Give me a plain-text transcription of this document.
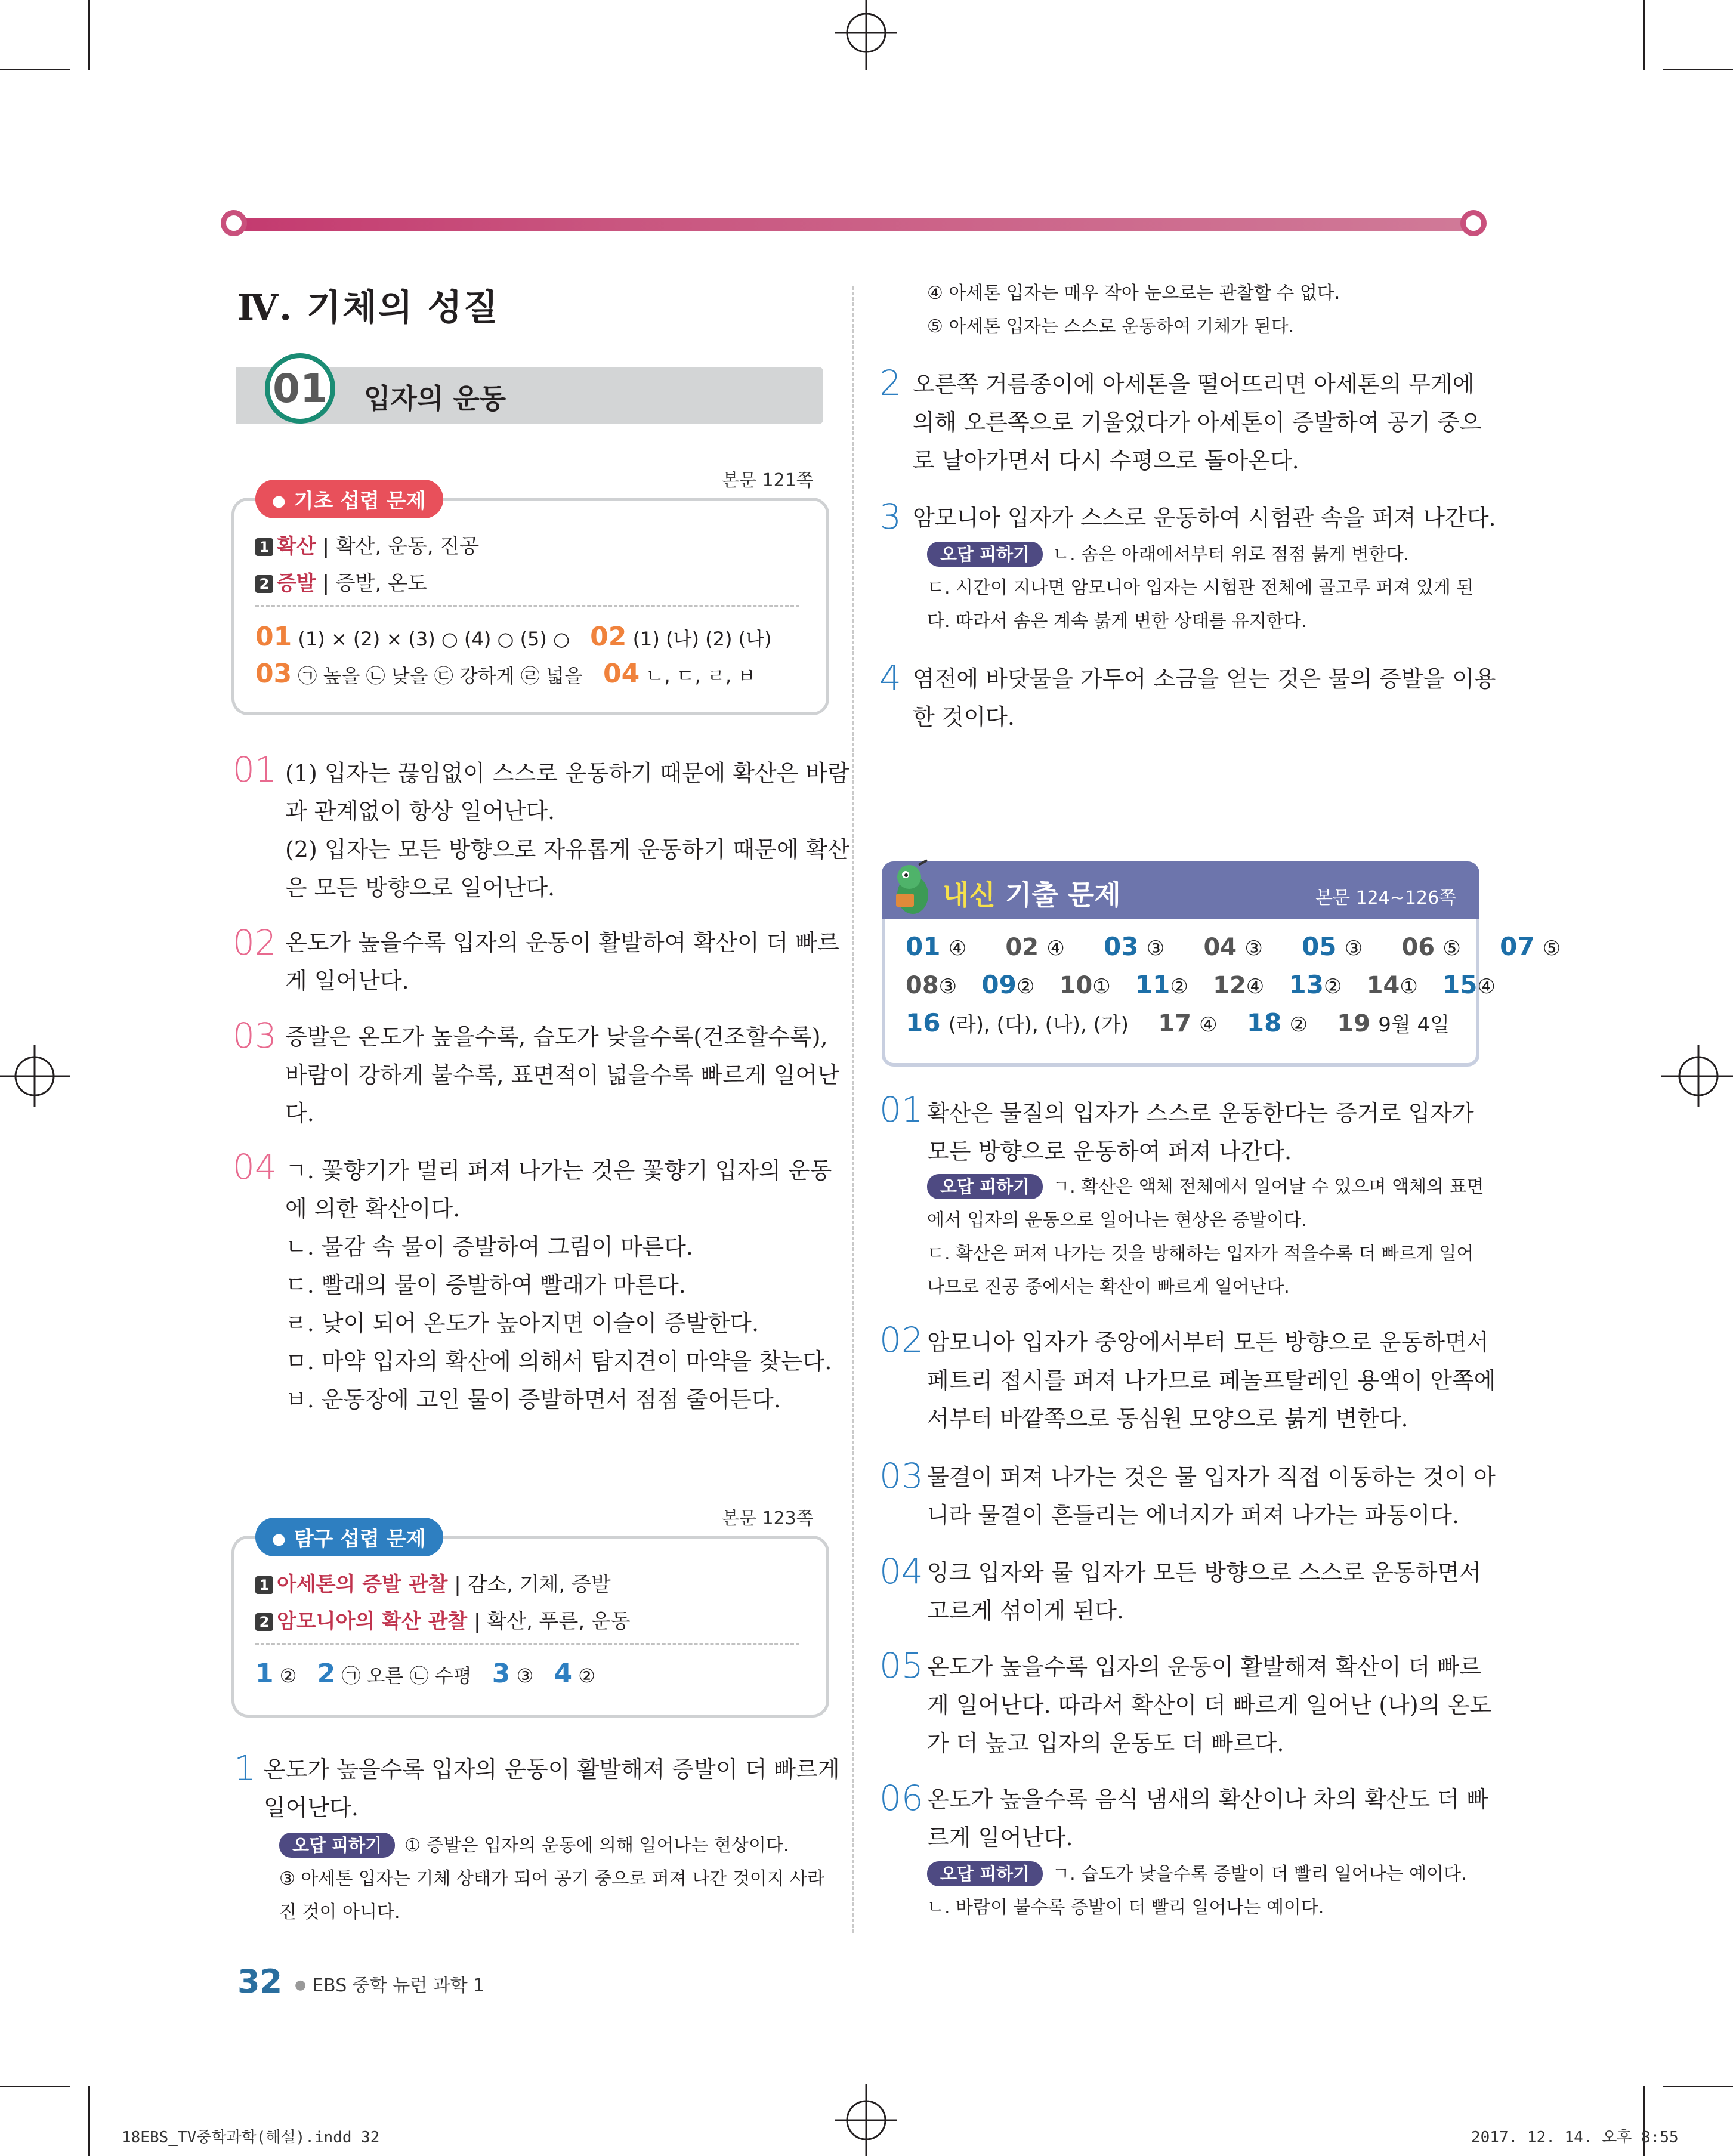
Ⅳ. 기체의 성질
01 입자의 운동
본문 121쪽
● 기초 섭렵 문제
1 확산 | 확산, 운동, 진공
2 증발 | 증발, 온도
01 (1) × (2) × (3) ○ (4) ○ (5) ○ 02 (1) (나) (2) (나)
03 ㉠ 높을 ㉡ 낮을 ㉢ 강하게 ㉣ 넓을 04 ㄴ, ㄷ, ㄹ, ㅂ
01 (1) 입자는 끊임없이 스스로 운동하기 때문에 확산은 바람
과 관계없이 항상 일어난다.
(2) 입자는 모든 방향으로 자유롭게 운동하기 때문에 확산
은 모든 방향으로 일어난다.
02 온도가 높을수록 입자의 운동이 활발하여 확산이 더 빠르
게 일어난다.
03 증발은 온도가 높을수록, 습도가 낮을수록(건조할수록),
바람이 강하게 불수록, 표면적이 넓을수록 빠르게 일어난
다.
04 ㄱ. 꽃향기가 멀리 퍼져 나가는 것은 꽃향기 입자의 운동
에 의한 확산이다.
ㄴ. 물감 속 물이 증발하여 그림이 마른다.
ㄷ. 빨래의 물이 증발하여 빨래가 마른다.
ㄹ. 낮이 되어 온도가 높아지면 이슬이 증발한다.
ㅁ. 마약 입자의 확산에 의해서 탐지견이 마약을 찾는다.
ㅂ. 운동장에 고인 물이 증발하면서 점점 줄어든다.
본문 123쪽
● 탐구 섭렵 문제
1 아세톤의 증발 관찰 | 감소, 기체, 증발
2 암모니아의 확산 관찰 | 확산, 푸른, 운동
1 ② 2 ㉠ 오른 ㉡ 수평 3 ③ 4 ②
1 온도가 높을수록 입자의 운동이 활발해져 증발이 더 빠르게
일어난다.
오답 피하기 ① 증발은 입자의 운동에 의해 일어나는 현상이다.
③ 아세톤 입자는 기체 상태가 되어 공기 중으로 퍼져 나간 것이지 사라
진 것이 아니다.
④ 아세톤 입자는 매우 작아 눈으로는 관찰할 수 없다.
⑤ 아세톤 입자는 스스로 운동하여 기체가 된다.
2 오른쪽 거름종이에 아세톤을 떨어뜨리면 아세톤의 무게에
의해 오른쪽으로 기울었다가 아세톤이 증발하여 공기 중으
로 날아가면서 다시 수평으로 돌아온다.
3 암모니아 입자가 스스로 운동하여 시험관 속을 퍼져 나간다.
오답 피하기 ㄴ. 솜은 아래에서부터 위로 점점 붉게 변한다.
ㄷ. 시간이 지나면 암모니아 입자는 시험관 전체에 골고루 퍼져 있게 된
다. 따라서 솜은 계속 붉게 변한 상태를 유지한다.
4 염전에 바닷물을 가두어 소금을 얻는 것은 물의 증발을 이용
한 것이다.
내신 기출 문제	본문 124~126쪽
01 ④ 02 ④ 03 ③ 04 ③ 05 ③ 06 ⑤ 07 ⑤
08③ 09② 10① 11② 12④ 13② 14① 15④
16 (라), (다), (나), (가) 17 ④ 18 ② 19 9월 4일
01 확산은 물질의 입자가 스스로 운동한다는 증거로 입자가
모든 방향으로 운동하여 퍼져 나간다.
오답 피하기 ㄱ. 확산은 액체 전체에서 일어날 수 있으며 액체의 표면
에서 입자의 운동으로 일어나는 현상은 증발이다.
ㄷ. 확산은 퍼져 나가는 것을 방해하는 입자가 적을수록 더 빠르게 일어
나므로 진공 중에서는 확산이 빠르게 일어난다.
02 암모니아 입자가 중앙에서부터 모든 방향으로 운동하면서
페트리 접시를 퍼져 나가므로 페놀프탈레인 용액이 안쪽에
서부터 바깥쪽으로 동심원 모양으로 붉게 변한다.
03 물결이 퍼져 나가는 것은 물 입자가 직접 이동하는 것이 아
니라 물결이 흔들리는 에너지가 퍼져 나가는 파동이다.
04 잉크 입자와 물 입자가 모든 방향으로 스스로 운동하면서
고르게 섞이게 된다.
05 온도가 높을수록 입자의 운동이 활발해져 확산이 더 빠르
게 일어난다. 따라서 확산이 더 빠르게 일어난 (나)의 온도
가 더 높고 입자의 운동도 더 빠르다.
06 온도가 높을수록 음식 냄새의 확산이나 차의 확산도 더 빠
르게 일어난다.
오답 피하기 ㄱ. 습도가 낮을수록 증발이 더 빨리 일어나는 예이다.
ㄴ. 바람이 불수록 증발이 더 빨리 일어나는 예이다.
32 ● EBS 중학 뉴런 과학 1
18EBS_TV중학과학(해설).indd 32	2017. 12. 14. 오후 8:55
